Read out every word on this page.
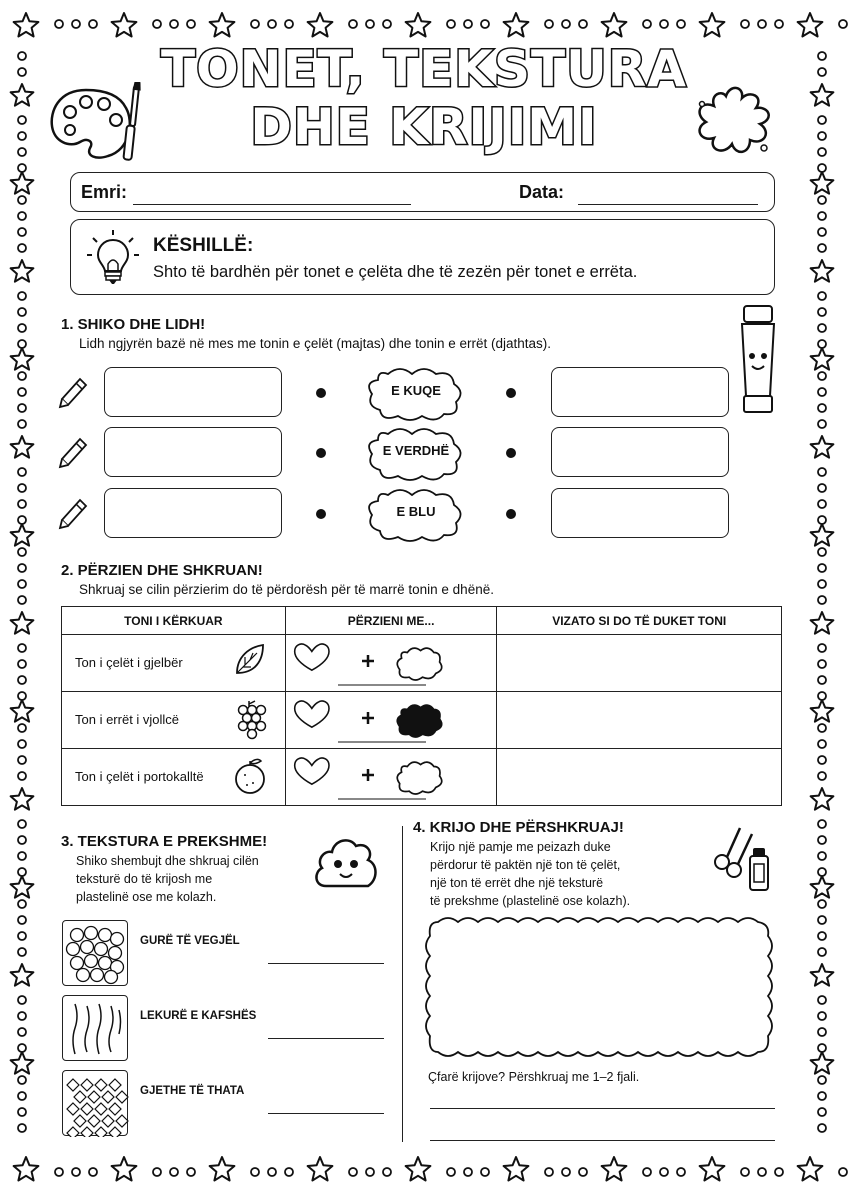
TONET, TEKSTURA
DHE KRIJIMI
Emri:	Data:
KËSHILLË:
Shto të bardhën për tonet e çelëta dhe të zezën për tonet e errëta.
1. SHIKO DHE LIDH!
Lidh ngjyrën bazë në mes me tonin e çelët (majtas) dhe tonin e errët (djathtas).
E KUQE
E VERDHË
E BLU
2. PËRZIEN DHE SHKRUAN!
Shkruaj se cilin përzierim do të përdorësh për të marrë tonin e dhënë.
TONI I KËRKUAR	PËRZIENI ME...	VIZATO SI DO TË DUKET TONI

Ton i çelët i gjelbër

Ton i errët i vjollcë

Ton i çelët i portokalltë

3. TEKSTURA E PREKSHME!
Shiko shembujt dhe shkruaj cilën
teksturë do të krijosh me
plastelinë ose me kolazh.
GURË TË VEGJËL
LEKURË E KAFSHËS
GJETHE TË THATA
4. KRIJO DHE PËRSHKRUAJ!
Krijo një pamje me peizazh duke
përdorur të paktën një ton të çelët,
një ton të errët dhe një teksturë
të prekshme (plastelinë ose kolazh).
Çfarë krijove? Përshkruaj me 1–2 fjali.
